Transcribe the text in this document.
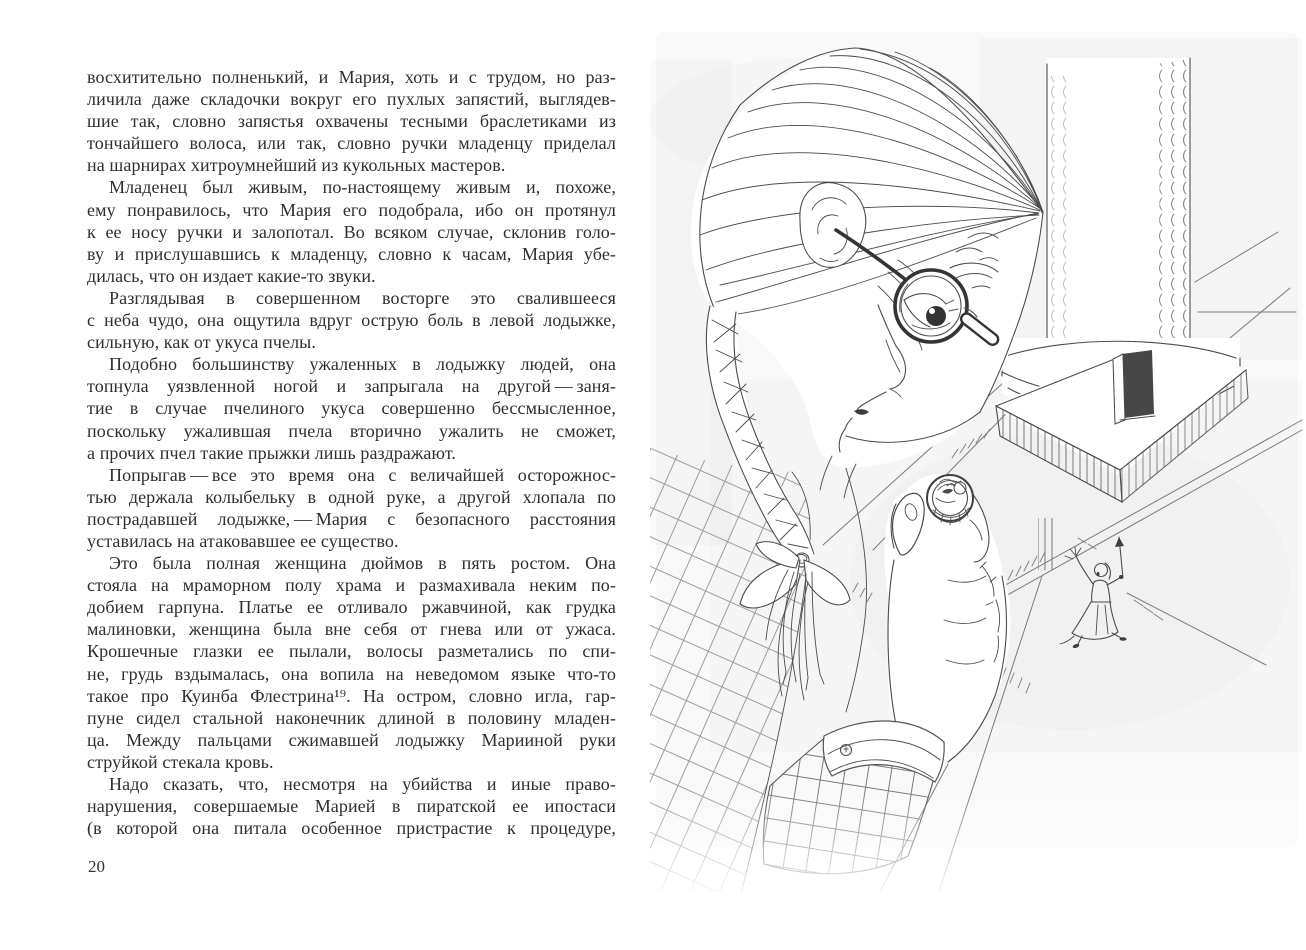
восхитительно полненький, и Мария, хоть и с трудом, но раз-
личила даже складочки вокруг его пухлых запястий, выглядев-
шие так, словно запястья охвачены тесными браслетиками из
тончайшего волоса, или так, словно ручки младенцу приделал
на шарнирах хитроумнейший из кукольных мастеров.
Младенец был живым, по-настоящему живым и, похоже,
ему понравилось, что Мария его подобрала, ибо он протянул
к ее носу ручки и залопотал. Во всяком случае, склонив голо-
ву и прислушавшись к младенцу, словно к часам, Мария убе-
дилась, что он издает какие-то звуки.
Разглядывая в совершенном восторге это свалившееся
с неба чудо, она ощутила вдруг острую боль в левой лодыжке,
сильную, как от укуса пчелы.
Подобно большинству ужаленных в лодыжку людей, она
топнула уязвленной ногой и запрыгала на другой — заня-
тие в случае пчелиного укуса совершенно бессмысленное,
поскольку ужалившая пчела вторично ужалить не сможет,
а прочих пчел такие прыжки лишь раздражают.
Попрыгав — все это время она с величайшей осторожнос-
тью держала колыбельку в одной руке, а другой хлопала по
пострадавшей лодыжке, — Мария с безопасного расстояния
уставилась на атаковавшее ее существо.
Это была полная женщина дюймов в пять ростом. Она
стояла на мраморном полу храма и размахивала неким по-
добием гарпуна. Платье ее отливало ржавчиной, как грудка
малиновки, женщина была вне себя от гнева или от ужаса.
Крошечные глазки ее пылали, волосы разметались по спи-
не, грудь вздымалась, она вопила на неведомом языке что-то
такое про Куинба Флестрина¹⁹. На остром, словно игла, гар-
пуне сидел стальной наконечник длиной в половину младен-
ца. Между пальцами сжимавшей лодыжку Марииной руки
струйкой стекала кровь.
Надо сказать, что, несмотря на убийства и иные право-
нарушения, совершаемые Марией в пиратской ее ипостаси
(в которой она питала особенное пристрастие к процедуре,
20
